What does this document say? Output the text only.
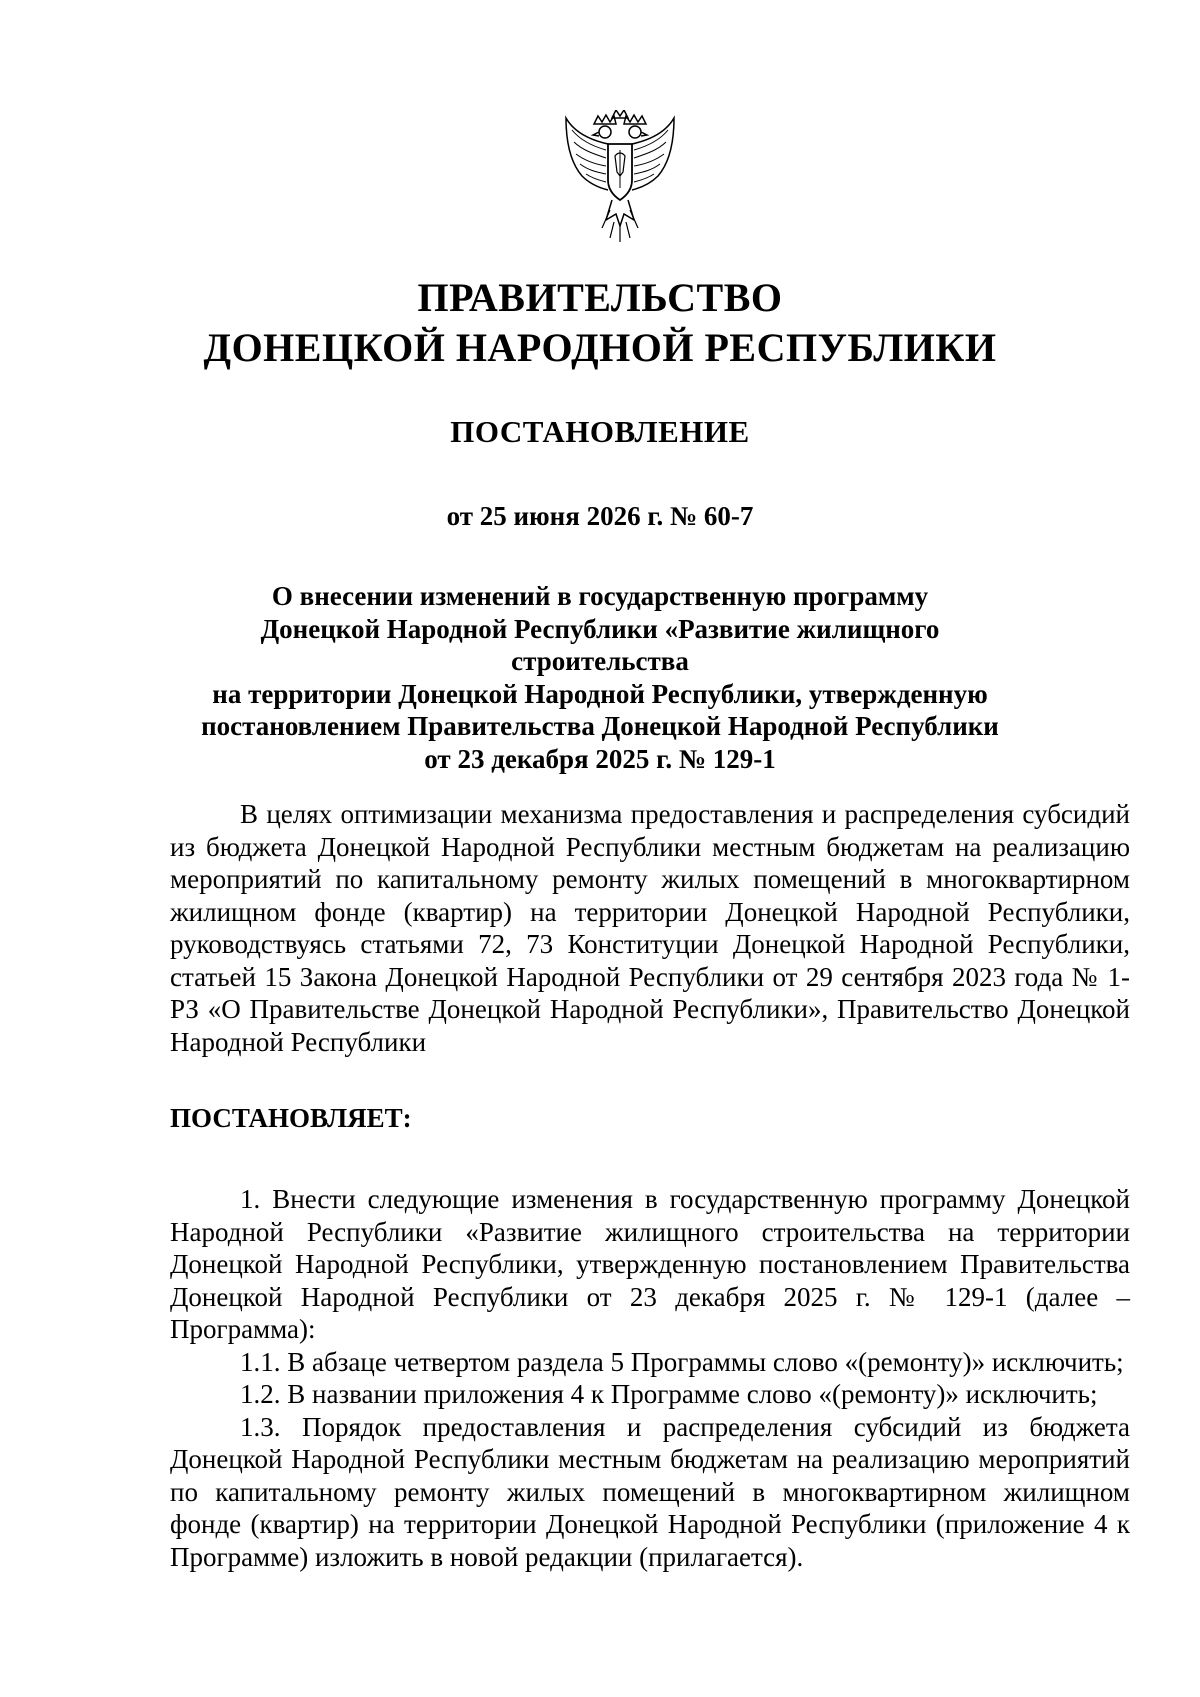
ПРАВИТЕЛЬСТВО
ДОНЕЦКОЙ НАРОДНОЙ РЕСПУБЛИКИ
ПОСТАНОВЛЕНИЕ
от 25 июня 2026 г. № 60-7
О внесении изменений в государственную программу
Донецкой Народной Республики «Развитие жилищного строительства
на территории Донецкой Народной Республики, утвержденную
постановлением Правительства Донецкой Народной Республики
от 23 декабря 2025 г. № 129-1
В целях оптимизации механизма предоставления и распределения субсидий из бюджета Донецкой Народной Республики местным бюджетам на реализацию мероприятий по капитальному ремонту жилых помещений в многоквартирном жилищном фонде (квартир) на территории Донецкой Народной Республики, руководствуясь статьями 72, 73 Конституции Донецкой Народной Республики, статьей 15 Закона Донецкой Народной Республики от 29 сентября 2023 года № 1-РЗ «О Правительстве Донецкой Народной Республики», Правительство Донецкой Народной Республики
ПОСТАНОВЛЯЕТ:

1. Внести следующие изменения в государственную программу Донецкой Народной Республики «Развитие жилищного строительства на территории Донецкой Народной Республики, утвержденную постановлением Правительства Донецкой Народной Республики от 23 декабря 2025 г. № 129-1 (далее – Программа):

1.1. В абзаце четвертом раздела 5 Программы слово «(ремонту)» исключить;

1.2. В названии приложения 4 к Программе слово «(ремонту)» исключить;

1.3. Порядок предоставления и распределения субсидий из бюджета Донецкой Народной Республики местным бюджетам на реализацию мероприятий по капитальному ремонту жилых помещений в многоквартирном жилищном фонде (квартир) на территории Донецкой Народной Республики (приложение 4 к Программе) изложить в новой редакции (прилагается).
